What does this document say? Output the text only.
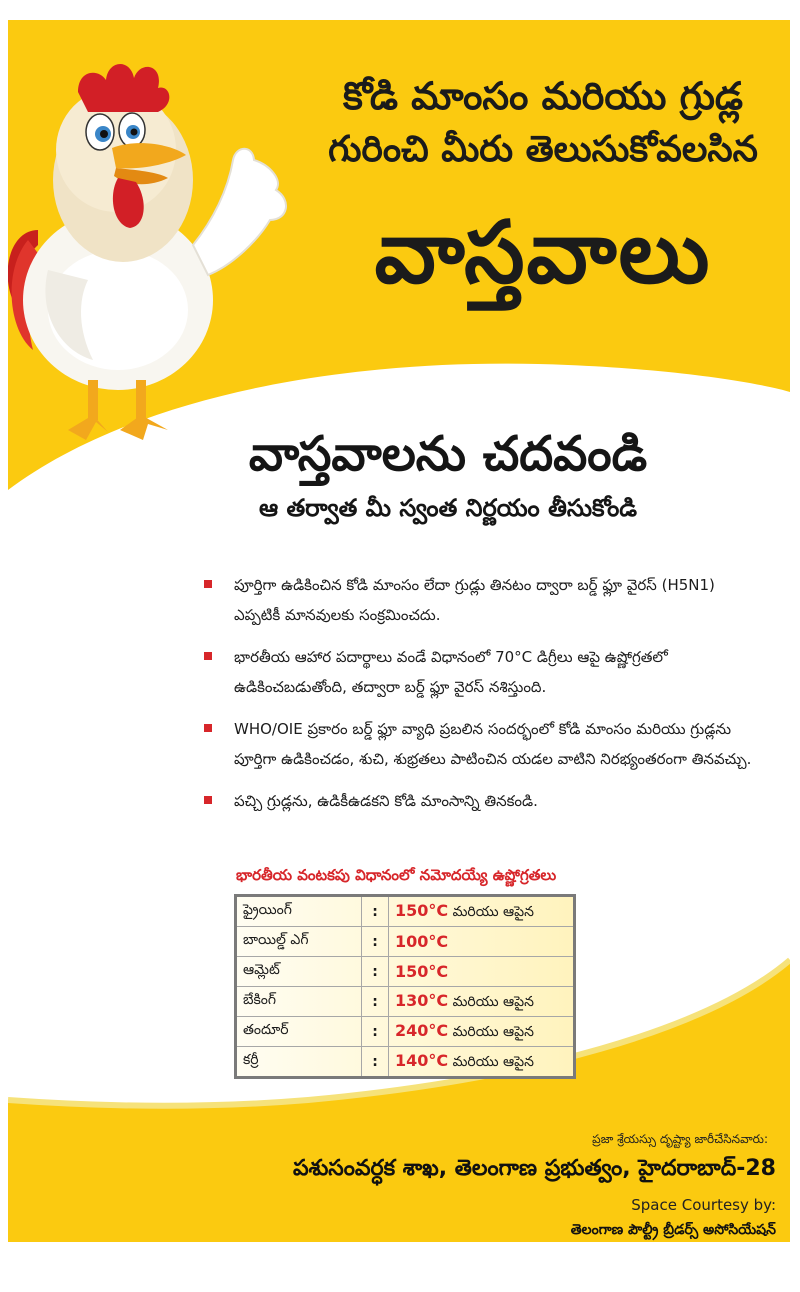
కోడి మాంసం మరియు గ్రుడ్ల
గురించి మీరు తెలుసుకోవలసిన
వాస్తవాలు
వాస్తవాలను చదవండి
ఆ తర్వాత మీ స్వంత నిర్ణయం తీసుకోండి
పూర్తిగా ఉడికించిన కోడి మాంసం లేదా గ్రుడ్లు తినటం ద్వారా బర్డ్ ఫ్లూ వైరస్ (H5N1) ఎప్పటికీ మానవులకు సంక్రమించదు.
భారతీయ ఆహార పదార్థాలు వండే విధానంలో 70°C డిగ్రీలు ఆపై ఉష్ణోగ్రతలో ఉడికించబడుతోంది, తద్వారా బర్డ్ ఫ్లూ వైరస్ నశిస్తుంది.
WHO/OIE ప్రకారం బర్డ్ ఫ్లూ వ్యాధి ప్రబలిన సందర్భంలో కోడి మాంసం మరియు గ్రుడ్లను పూర్తిగా ఉడికించడం, శుచి, శుభ్రతలు పాటించిన యడల వాటిని నిరభ్యంతరంగా తినవచ్చు.
పచ్చి గ్రుడ్లను, ఉడికీఉడకని కోడి మాంసాన్ని తినకండి.
భారతీయ వంటకపు విధానంలో నమోదయ్యే ఉష్ణోగ్రతలు
ఫ్రైయింగ్	:	150°C మరియు ఆపైన
బాయిల్డ్ ఎగ్	:	100°C
ఆమ్లెట్	:	150°C
బేకింగ్	:	130°C మరియు ఆపైన
తందూర్	:	240°C మరియు ఆపైన
కర్రీ	:	140°C మరియు ఆపైన
ప్రజా శ్రేయస్సు దృష్ట్యా జారీచేసినవారు:
పశుసంవర్ధక శాఖ, తెలంగాణ ప్రభుత్వం, హైదరాబాద్-28
Space Courtesy by:
తెలంగాణ పౌల్ట్రీ బ్రీడర్స్ అసోసియేషన్
